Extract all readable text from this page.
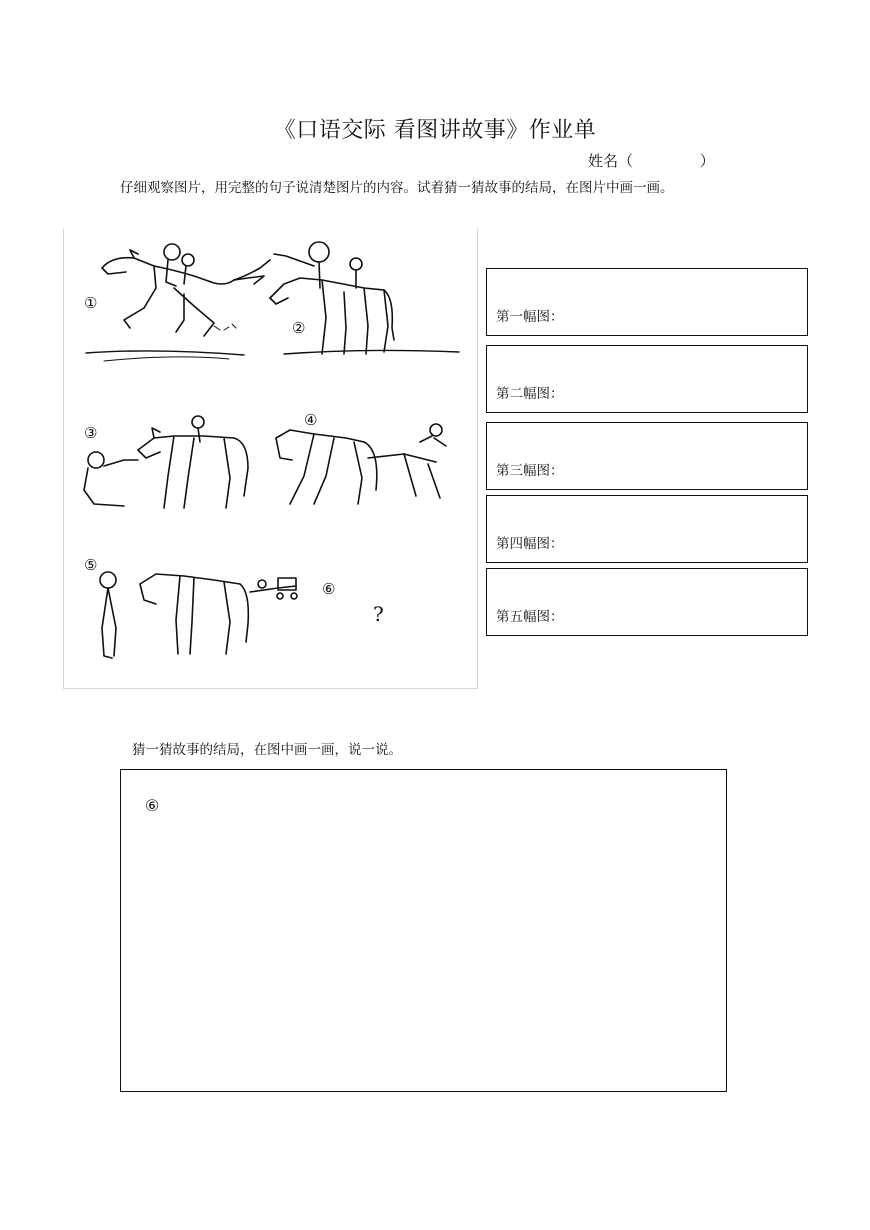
《口语交际 看图讲故事》作业单
姓名（              ）
仔细观察图片，用完整的句子说清楚图片的内容。试着猜一猜故事的结局，在图片中画一画。
①
②
③
④
⑤
⑥
?
第一幅图：
第二幅图：
第三幅图：
第四幅图：
第五幅图：
猜一猜故事的结局，在图中画一画，说一说。
⑥
